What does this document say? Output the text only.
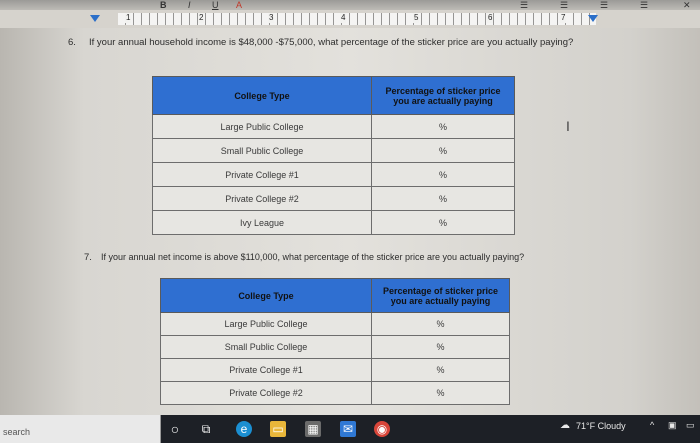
B I U A	☰	☰	☰	☰	✕
1	2	3	4	5	6	7
6. If your annual household income is $48,000 -$75,000, what percentage of the sticker price are you actually paying?
College Type	Percentage of sticker price you are actually paying
Large Public College	%
Small Public College	%
Private College #1	%
Private College #2	%
Ivy League	%
I
7. If your annual net income is above $110,000, what percentage of the sticker price are you actually paying?
College Type	Percentage of sticker price you are actually paying
Large Public College	%
Small Public College	%
Private College #1	%
Private College #2	%
search	○	⧉	e	▭ ▦ ✉ ◉	☁ 71°F Cloudy	^ ▣ ▭
